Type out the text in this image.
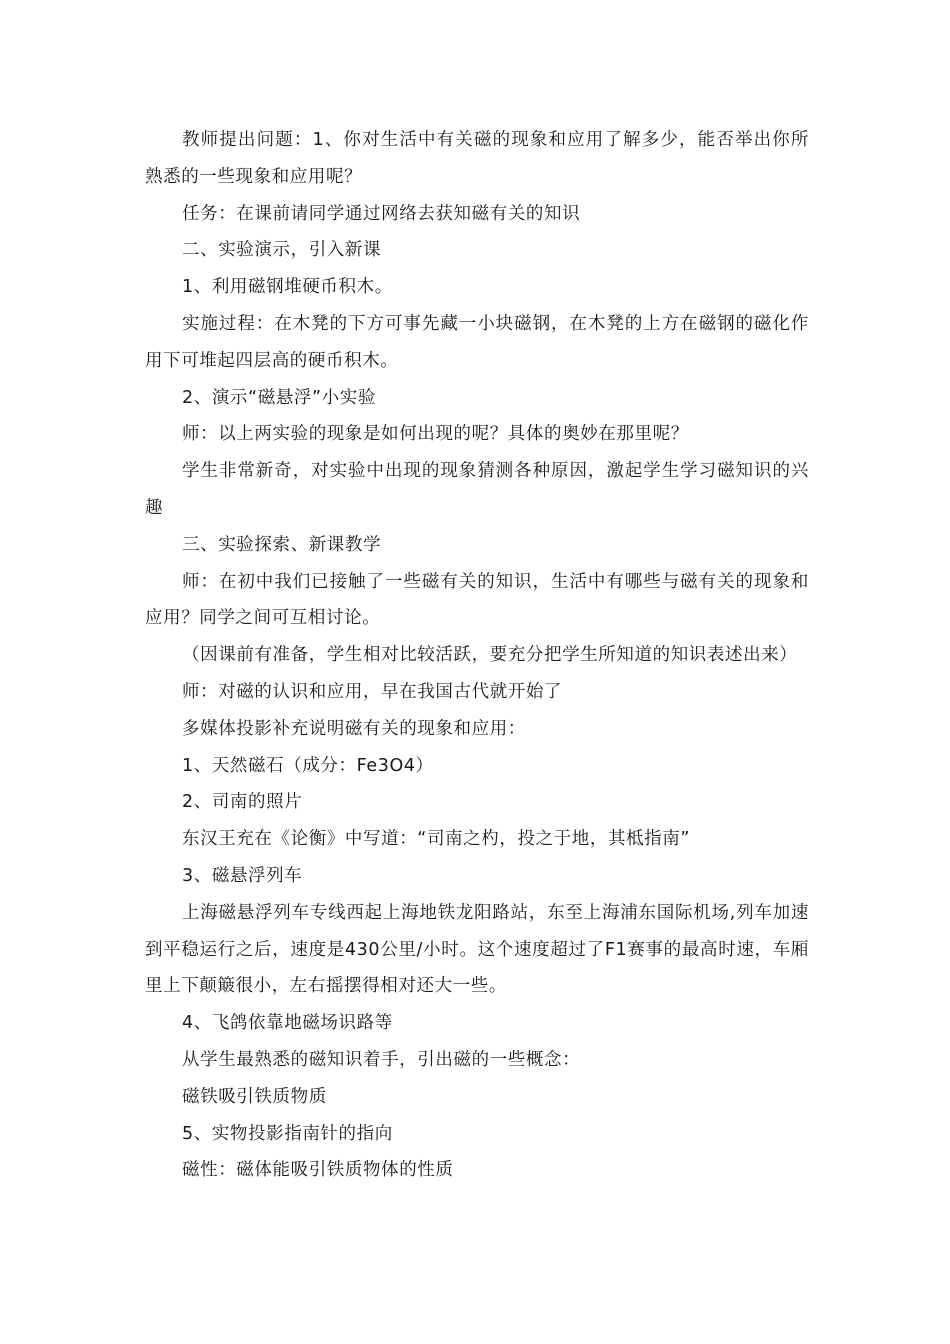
教师提出问题：1、你对生活中有关磁的现象和应用了解多少，能否举出你所熟悉的一些现象和应用呢？

任务：在课前请同学通过网络去获知磁有关的知识

二、实验演示，引入新课

1、利用磁钢堆硬币积木。

实施过程：在木凳的下方可事先藏一小块磁钢，在木凳的上方在磁钢的磁化作用下可堆起四层高的硬币积木。

2、演示“磁悬浮”小实验

师：以上两实验的现象是如何出现的呢？具体的奥妙在那里呢？

学生非常新奇，对实验中出现的现象猜测各种原因，激起学生学习磁知识的兴趣

三、实验探索、新课教学

师：在初中我们已接触了一些磁有关的知识，生活中有哪些与磁有关的现象和应用？同学之间可互相讨论。

（因课前有准备，学生相对比较活跃，要充分把学生所知道的知识表述出来）

师：对磁的认识和应用，早在我国古代就开始了

多媒体投影补充说明磁有关的现象和应用：

1、天然磁石（成分：Fe3O4）

2、司南的照片

东汉王充在《论衡》中写道：“司南之杓，投之于地，其柢指南”

3、磁悬浮列车

上海磁悬浮列车专线西起上海地铁龙阳路站，东至上海浦东国际机场,列车加速到平稳运行之后，速度是430公里/小时。这个速度超过了F1赛事的最高时速，车厢里上下颠簸很小，左右摇摆得相对还大一些。

4、飞鸽依靠地磁场识路等

从学生最熟悉的磁知识着手，引出磁的一些概念：

磁铁吸引铁质物质

5、实物投影指南针的指向

磁性：磁体能吸引铁质物体的性质
